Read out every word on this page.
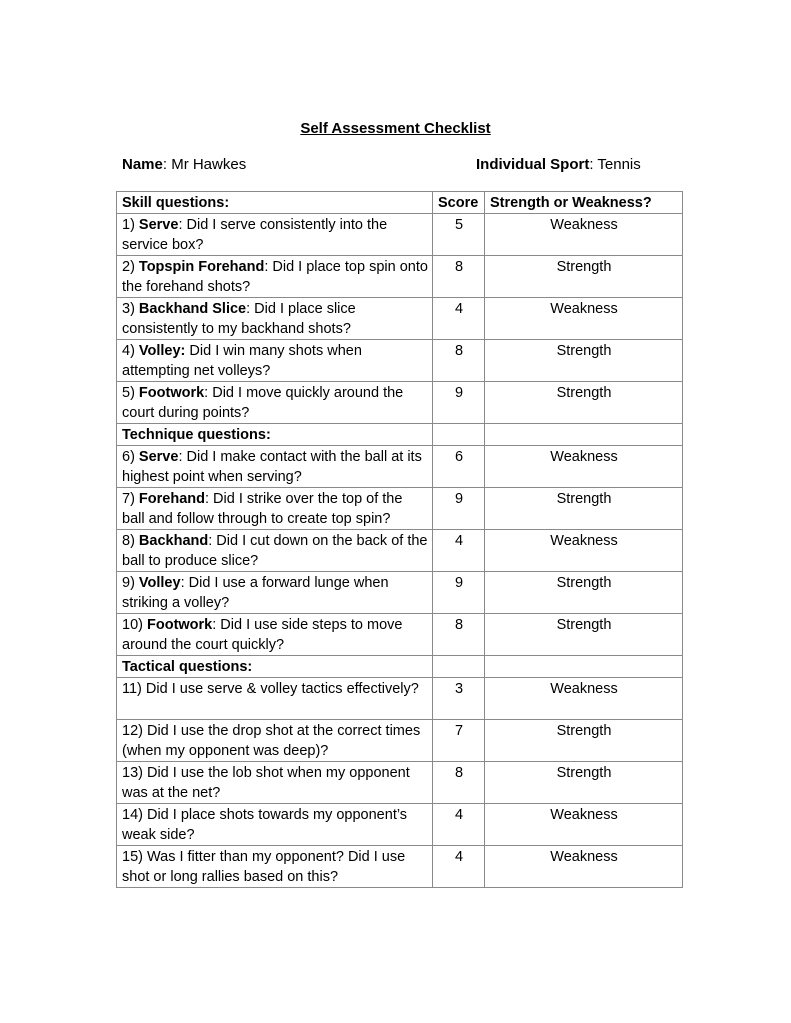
Self Assessment Checklist
Name: Mr Hawkes	Individual Sport: Tennis
Skill questions:	Score	Strength or Weakness?
1) Serve: Did I serve consistently into the service box?	5	Weakness
2) Topspin Forehand: Did I place top spin onto the forehand shots?	8	Strength
3) Backhand Slice: Did I place slice consistently to my backhand shots?	4	Weakness
4) Volley: Did I win many shots when attempting net volleys?	8	Strength
5) Footwork: Did I move quickly around the court during points?	9	Strength
Technique questions:		
6) Serve: Did I make contact with the ball at its highest point when serving?	6	Weakness
7) Forehand: Did I strike over the top of the ball and follow through to create top spin?	9	Strength
8) Backhand: Did I cut down on the back of the ball to produce slice?	4	Weakness
9) Volley: Did I use a forward lunge when striking a volley?	9	Strength
10) Footwork: Did I use side steps to move around the court quickly?	8	Strength
Tactical questions:		
11) Did I use serve & volley tactics effectively?	3	Weakness
12) Did I use the drop shot at the correct times (when my opponent was deep)?	7	Strength
13) Did I use the lob shot when my opponent was at the net?	8	Strength
14) Did I place shots towards my opponent’s weak side?	4	Weakness
15) Was I fitter than my opponent? Did I use shot or long rallies based on this?	4	Weakness
